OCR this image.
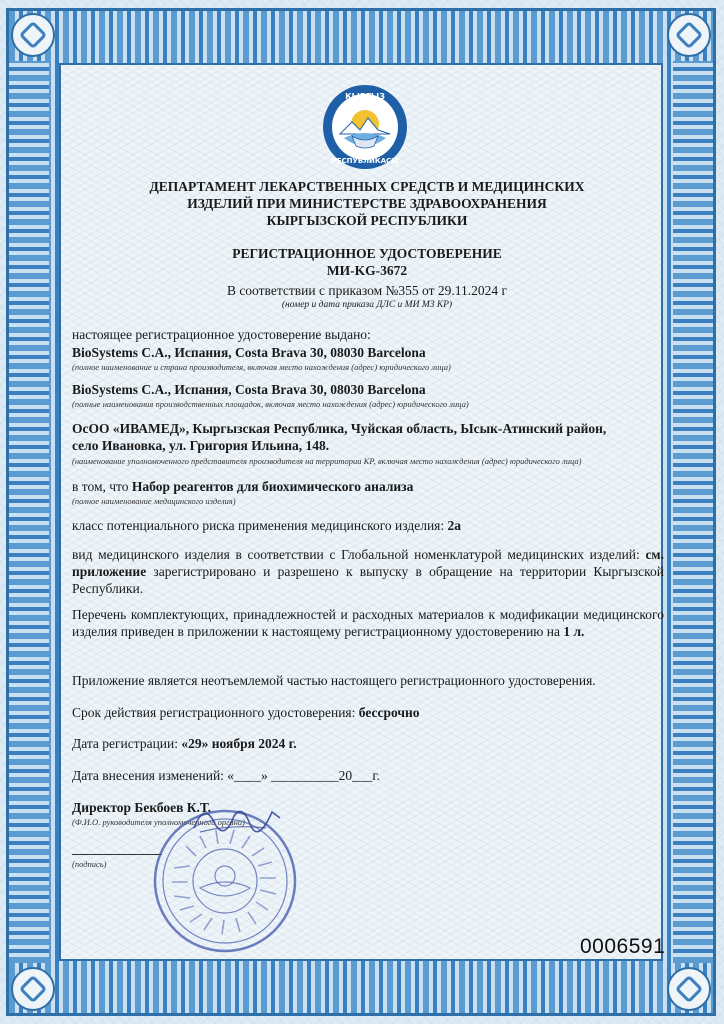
КЫРГЫЗ
РЕСПУБЛИКАСЫ
ДЕПАРТАМЕНТ ЛЕКАРСТВЕННЫХ СРЕДСТВ И МЕДИЦИНСКИХ
ИЗДЕЛИЙ ПРИ МИНИСТЕРСТВЕ ЗДРАВООХРАНЕНИЯ
КЫРГЫЗСКОЙ РЕСПУБЛИКИ
РЕГИСТРАЦИОННОЕ УДОСТОВЕРЕНИЕ
МИ-KG-3672
В соответствии с приказом №355 от 29.11.2024 г
(номер и дата приказа ДЛС и МИ МЗ КР)
настоящее регистрационное удостоверение выдано:
BioSystems С.А., Испания, Costa Brava 30, 08030 Barcelona
(полное наименование и страна производителя, включая место нахождения (адрес) юридического лица)
BioSystems С.А., Испания, Costa Brava 30, 08030 Barcelona
(полные наименования производственных площадок, включая место нахождения (адрес) юридического лица)
ОсОО «ИВАМЕД», Кыргызская Республика, Чуйская область, Ысык-Атинский район,
село Ивановка, ул. Григория Ильина, 148.
(наименование уполномоченного представителя производителя на территории КР, включая место нахождения (адрес) юридического лица)
в том, что Набор реагентов для биохимического анализа
(полное наименование медицинского изделия)
класс потенциального риска применения медицинского изделия: 2а
вид медицинского изделия в соответствии с Глобальной номенклатурой медицинских изделий: см. приложение зарегистрировано и разрешено к выпуску в обращение на территории Кыргызской Республики.
Перечень комплектующих, принадлежностей и расходных материалов к модификации медицинского изделия приведен в приложении к настоящему регистрационному удостоверению на 1 л.
Приложение является неотъемлемой частью настоящего регистрационного удостоверения.
Срок действия регистрационного удостоверения: бессрочно
Дата регистрации: «29» ноября 2024 г.
Дата внесения изменений: «____» __________20___г.
Директор Бекбоев К.Т.
(Ф.И.О. руководителя уполномоченного органа)
(подпись)
0006591
